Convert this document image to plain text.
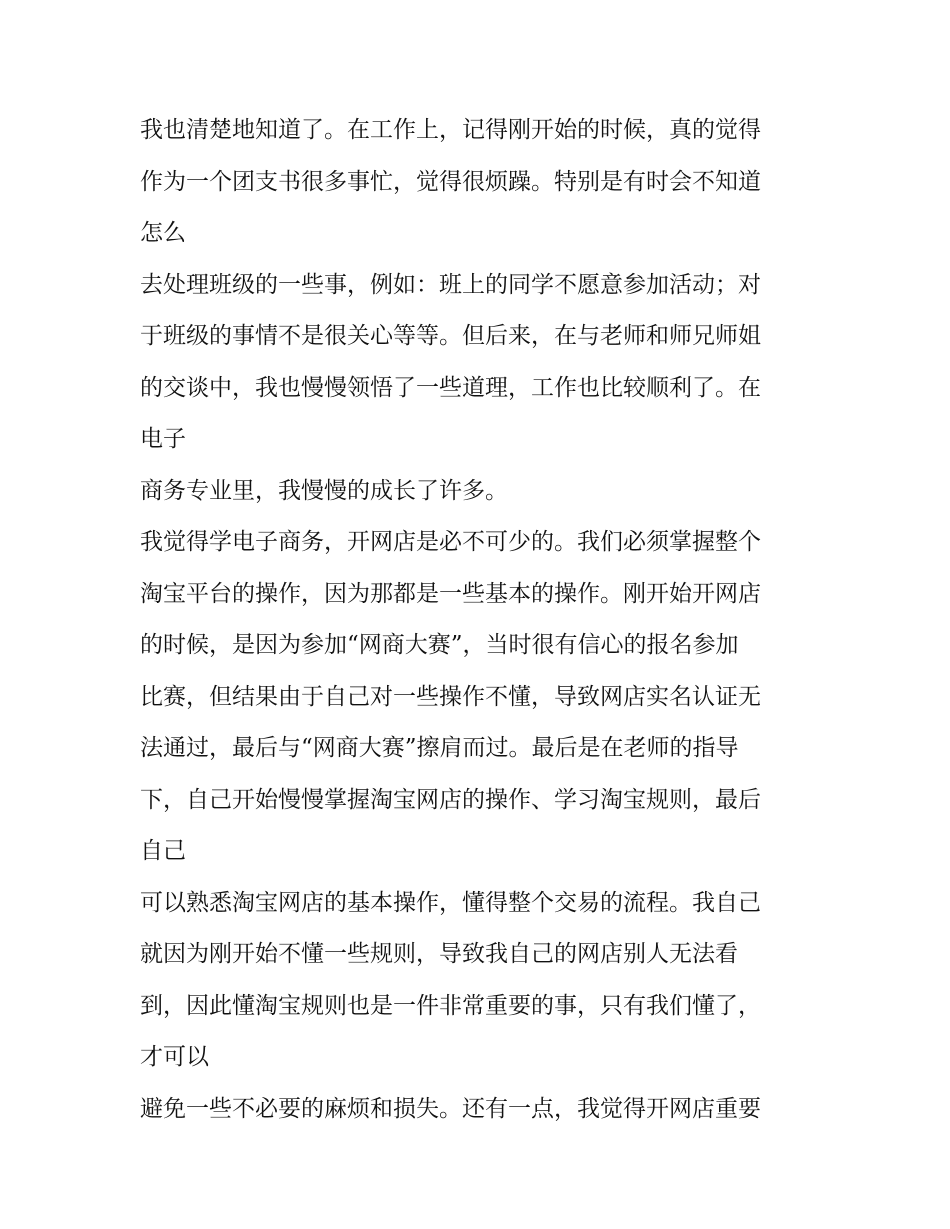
我也清楚地知道了。在工作上，记得刚开始的时候，真的觉得
作为一个团支书很多事忙，觉得很烦躁。特别是有时会不知道
怎么
去处理班级的一些事，例如：班上的同学不愿意参加活动；对
于班级的事情不是很关心等等。但后来，在与老师和师兄师姐
的交谈中，我也慢慢领悟了一些道理，工作也比较顺利了。在
电子
商务专业里，我慢慢的成长了许多。
我觉得学电子商务，开网店是必不可少的。我们必须掌握整个
淘宝平台的操作，因为那都是一些基本的操作。刚开始开网店
的时候，是因为参加“网商大赛”，当时很有信心的报名参加
比赛，但结果由于自己对一些操作不懂，导致网店实名认证无
法通过，最后与“网商大赛”擦肩而过。最后是在老师的指导
下，自己开始慢慢掌握淘宝网店的操作、学习淘宝规则，最后
自己
可以熟悉淘宝网店的基本操作，懂得整个交易的流程。我自己
就因为刚开始不懂一些规则，导致我自己的网店别人无法看
到，因此懂淘宝规则也是一件非常重要的事，只有我们懂了，
才可以
避免一些不必要的麻烦和损失。还有一点，我觉得开网店重要
